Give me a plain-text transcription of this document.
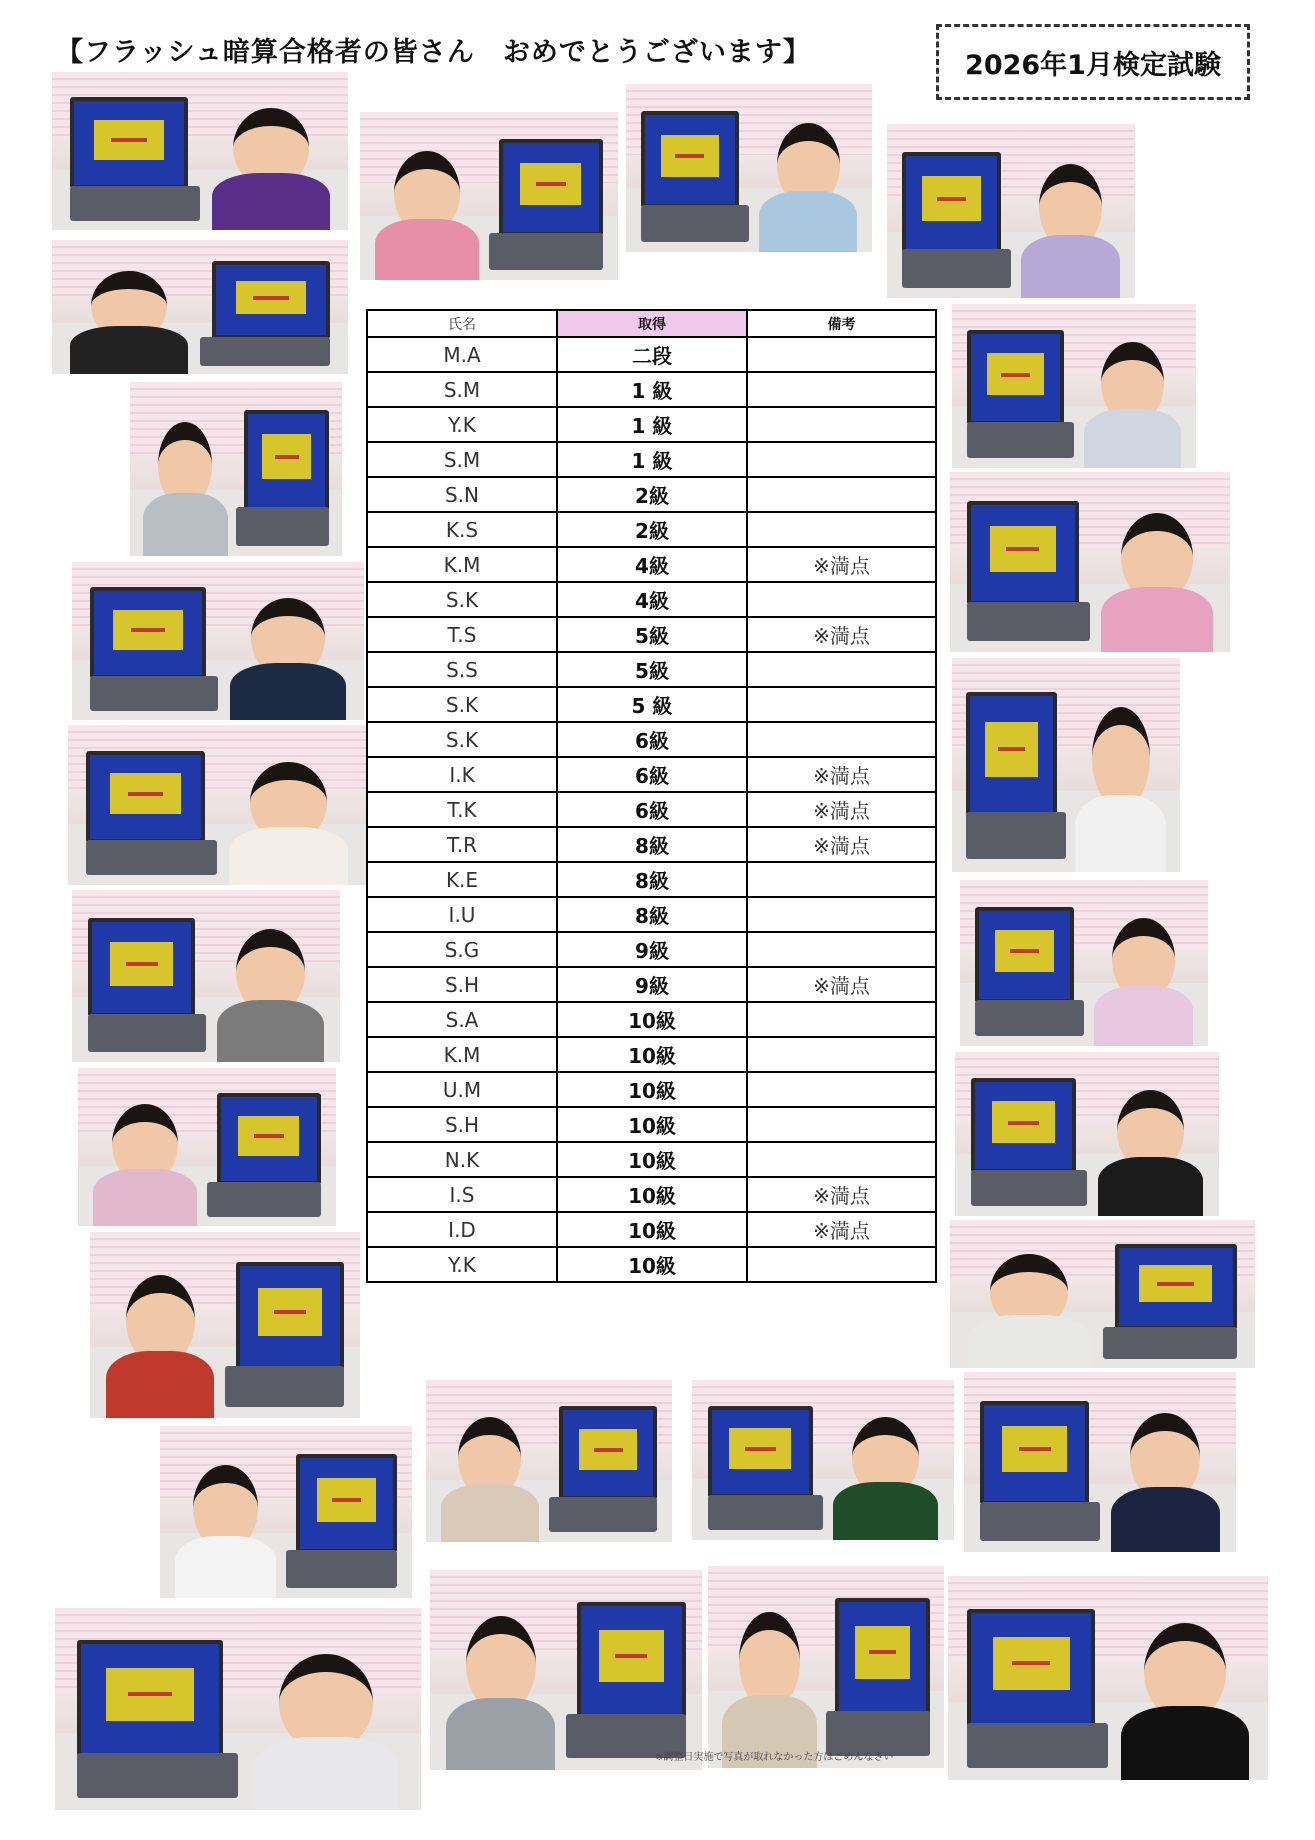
【フラッシュ暗算合格者の皆さん　おめでとうございます】	2026年1月検定試験
氏名	取得	備考
M.A	二段	
S.M	1 級	
Y.K	1 級	
S.M	1 級	
S.N	2級	
K.S	2級	
K.M	4級	※満点
S.K	4級	
T.S	5級	※満点
S.S	5級	
S.K	5 級	
S.K	6級	
I.K	6級	※満点
T.K	6級	※満点
T.R	8級	※満点
K.E	8級	
I.U	8級	
S.G	9級	
S.H	9級	※満点
S.A	10級	
K.M	10級	
U.M	10級	
S.H	10級	
N.K	10級	
I.S	10級	※満点
I.D	10級	※満点
Y.K	10級	
※調整日実施で写真が取れなかった方はごめんなさい
